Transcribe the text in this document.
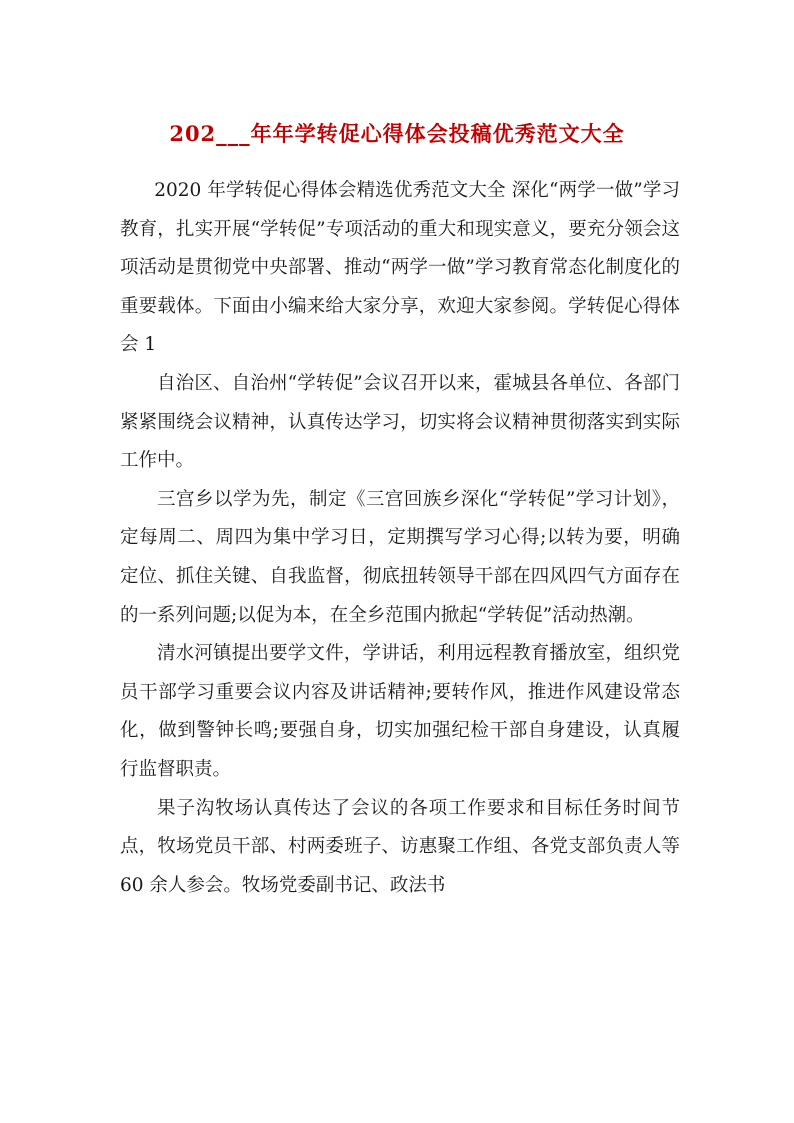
202___年年学转促心得体会投稿优秀范文大全

2020 年学转促心得体会精选优秀范文大全 深化“两学一做”学习教育，扎实开展“学转促”专项活动的重大和现实意义，要充分领会这项活动是贯彻党中央部署、推动“两学一做”学习教育常态化制度化的重要载体。下面由小编来给大家分享，欢迎大家参阅。学转促心得体会 1

自治区、自治州“学转促”会议召开以来，霍城县各单位、各部门紧紧围绕会议精神，认真传达学习，切实将会议精神贯彻落实到实际工作中。

三宫乡以学为先，制定《三宫回族乡深化“学转促”学习计划》，定每周二、周四为集中学习日，定期撰写学习心得;以转为要，明确定位、抓住关键、自我监督，彻底扭转领导干部在四风四气方面存在的一系列问题;以促为本，在全乡范围内掀起“学转促”活动热潮。

清水河镇提出要学文件，学讲话，利用远程教育播放室，组织党员干部学习重要会议内容及讲话精神;要转作风，推进作风建设常态化，做到警钟长鸣;要强自身，切实加强纪检干部自身建设，认真履行监督职责。

果子沟牧场认真传达了会议的各项工作要求和目标任务时间节点，牧场党员干部、村两委班子、访惠聚工作组、各党支部负责人等 60 余人参会。牧场党委副书记、政法书
